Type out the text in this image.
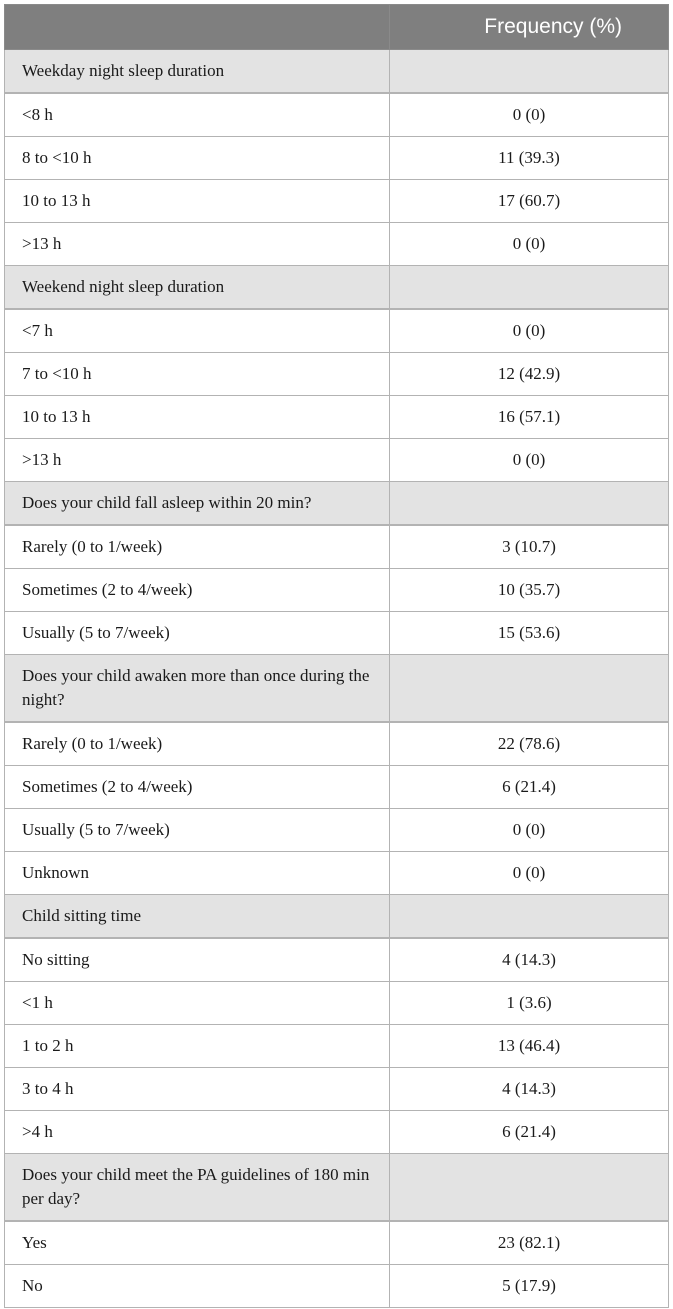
	Frequency (%)
Weekday night sleep duration	
<8 h	0 (0)
8 to <10 h	11 (39.3)
10 to 13 h	17 (60.7)
>13 h	0 (0)
Weekend night sleep duration	
<7 h	0 (0)
7 to <10 h	12 (42.9)
10 to 13 h	16 (57.1)
>13 h	0 (0)
Does your child fall asleep within 20 min?	
Rarely (0 to 1/week)	3 (10.7)
Sometimes (2 to 4/week)	10 (35.7)
Usually (5 to 7/week)	15 (53.6)
Does your child awaken more than once during the night?	
Rarely (0 to 1/week)	22 (78.6)
Sometimes (2 to 4/week)	6 (21.4)
Usually (5 to 7/week)	0 (0)
Unknown	0 (0)
Child sitting time	
No sitting	4 (14.3)
<1 h	1 (3.6)
1 to 2 h	13 (46.4)
3 to 4 h	4 (14.3)
>4 h	6 (21.4)
Does your child meet the PA guidelines of 180 min per day?	
Yes	23 (82.1)
No	5 (17.9)
